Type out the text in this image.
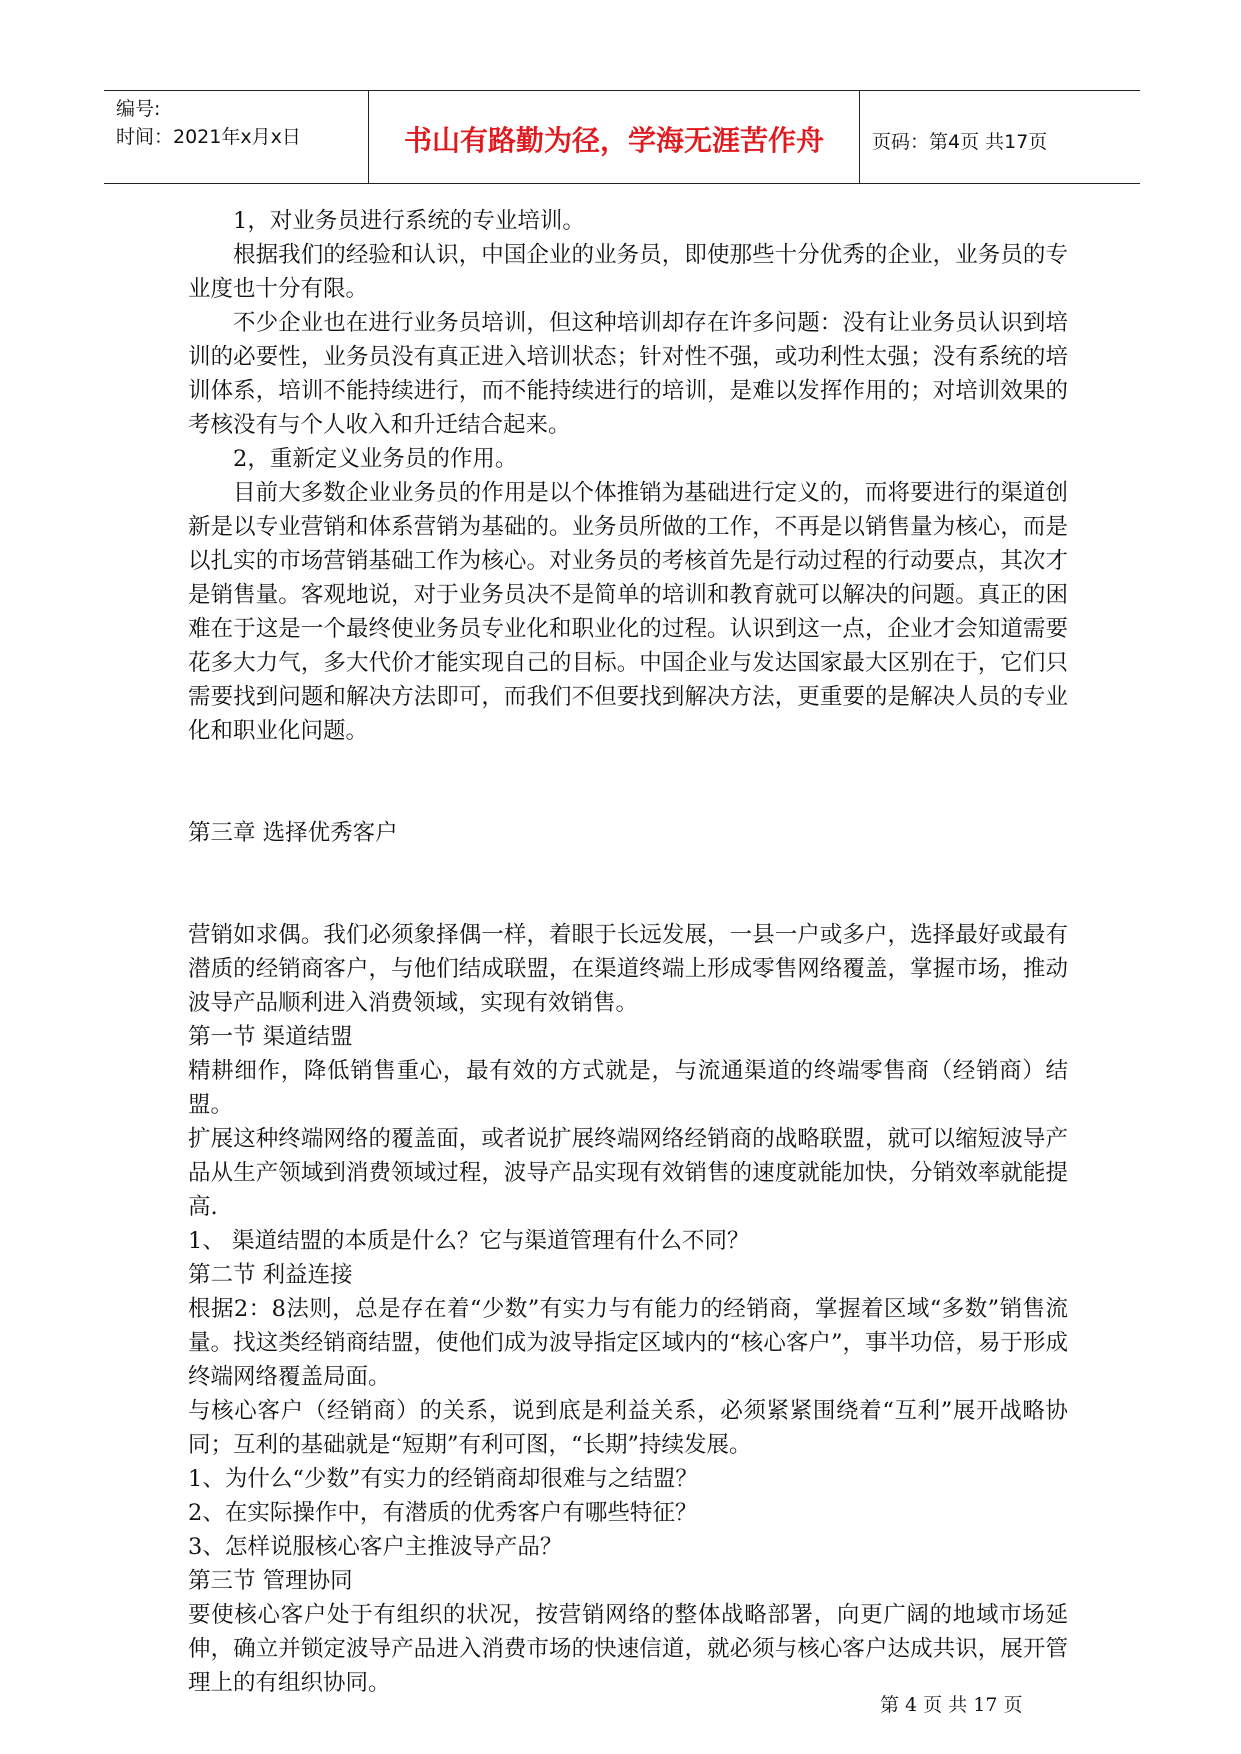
编号:
时间：2021年x月x日	书山有路勤为径，学海无涯苦作舟	页码：第4页 共17页

1，对业务员进行系统的专业培训。

根据我们的经验和认识，中国企业的业务员，即使那些十分优秀的企业，业务员的专业度也十分有限。

不少企业也在进行业务员培训，但这种培训却存在许多问题：没有让业务员认识到培训的必要性，业务员没有真正进入培训状态；针对性不强，或功利性太强；没有系统的培训体系，培训不能持续进行，而不能持续进行的培训，是难以发挥作用的；对培训效果的考核没有与个人收入和升迁结合起来。

2，重新定义业务员的作用。

目前大多数企业业务员的作用是以个体推销为基础进行定义的，而将要进行的渠道创新是以专业营销和体系营销为基础的。业务员所做的工作，不再是以销售量为核心，而是以扎实的市场营销基础工作为核心。对业务员的考核首先是行动过程的行动要点，其次才是销售量。客观地说，对于业务员决不是简单的培训和教育就可以解决的问题。真正的困难在于这是一个最终使业务员专业化和职业化的过程。认识到这一点，企业才会知道需要花多大力气，多大代价才能实现自己的目标。中国企业与发达国家最大区别在于，它们只需要找到问题和解决方法即可，而我们不但要找到解决方法，更重要的是解决人员的专业化和职业化问题。

第三章 选择优秀客户

营销如求偶。我们必须象择偶一样，着眼于长远发展，一县一户或多户，选择最好或最有潜质的经销商客户，与他们结成联盟，在渠道终端上形成零售网络覆盖，掌握市场，推动波导产品顺利进入消费领域，实现有效销售。

第一节 渠道结盟

精耕细作，降低销售重心，最有效的方式就是，与流通渠道的终端零售商（经销商）结盟。

扩展这种终端网络的覆盖面，或者说扩展终端网络经销商的战略联盟，就可以缩短波导产品从生产领域到消费领域过程，波导产品实现有效销售的速度就能加快，分销效率就能提高.

1、 渠道结盟的本质是什么？它与渠道管理有什么不同？

第二节 利益连接

根据2：8法则，总是存在着“少数”有实力与有能力的经销商，掌握着区域“多数”销售流量。找这类经销商结盟，使他们成为波导指定区域内的“核心客户”，事半功倍，易于形成终端网络覆盖局面。

与核心客户（经销商）的关系，说到底是利益关系，必须紧紧围绕着“互利”展开战略协同；互利的基础就是“短期”有利可图，“长期”持续发展。

1、为什么“少数”有实力的经销商却很难与之结盟？

2、在实际操作中，有潜质的优秀客户有哪些特征？

3、怎样说服核心客户主推波导产品？

第三节 管理协同

要使核心客户处于有组织的状况，按营销网络的整体战略部署，向更广阔的地域市场延伸，确立并锁定波导产品进入消费市场的快速信道，就必须与核心客户达成共识，展开管理上的有组织协同。

第 4 页 共 17 页
